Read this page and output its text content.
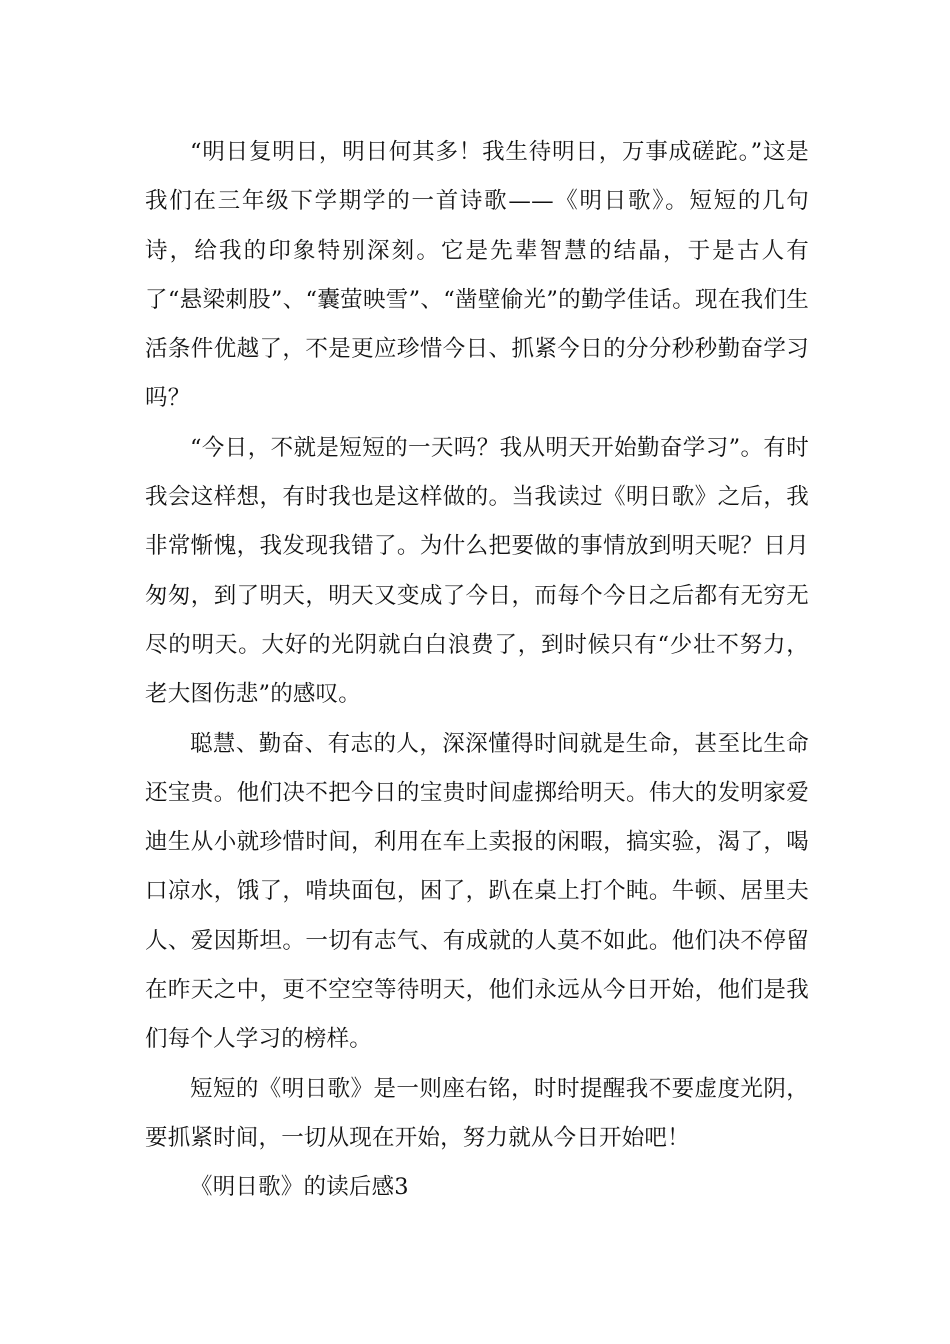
“明日复明日，明日何其多！我生待明日，万事成磋跎。”这是我们在三年级下学期学的一首诗歌——《明日歌》。短短的几句诗，给我的印象特别深刻。它是先辈智慧的结晶，于是古人有了“悬梁刺股”、“囊萤映雪”、“凿壁偷光”的勤学佳话。现在我们生活条件优越了，不是更应珍惜今日、抓紧今日的分分秒秒勤奋学习吗？

“今日，不就是短短的一天吗？我从明天开始勤奋学习”。有时我会这样想，有时我也是这样做的。当我读过《明日歌》之后，我非常惭愧，我发现我错了。为什么把要做的事情放到明天呢？日月匆匆，到了明天，明天又变成了今日，而每个今日之后都有无穷无尽的明天。大好的光阴就白白浪费了，到时候只有“少壮不努力，老大图伤悲”的感叹。

聪慧、勤奋、有志的人，深深懂得时间就是生命，甚至比生命还宝贵。他们决不把今日的宝贵时间虚掷给明天。伟大的发明家爱迪生从小就珍惜时间，利用在车上卖报的闲暇，搞实验，渴了，喝口凉水，饿了，啃块面包，困了，趴在桌上打个盹。牛顿、居里夫人、爱因斯坦。一切有志气、有成就的人莫不如此。他们决不停留在昨天之中，更不空空等待明天，他们永远从今日开始，他们是我们每个人学习的榜样。

短短的《明日歌》是一则座右铭，时时提醒我不要虚度光阴，要抓紧时间，一切从现在开始，努力就从今日开始吧！

《明日歌》的读后感3
